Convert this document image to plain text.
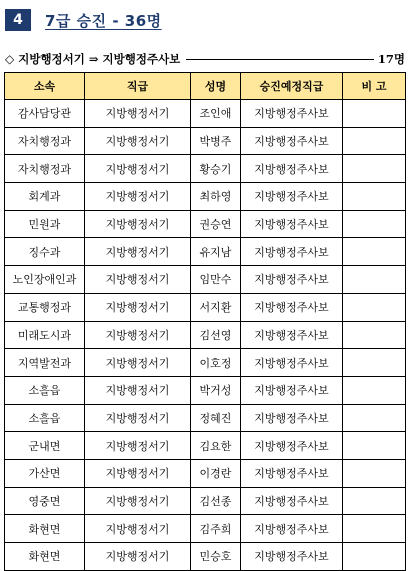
4	7급 승진 - 36명
◇ 지방행정서기 ⇒ 지방행정주사보	17명
소속	직급	성명	승진예정직급	비 고
감사담당관	지방행정서기	조인애	지방행정주사보	
자치행정과	지방행정서기	박병주	지방행정주사보	
자치행정과	지방행정서기	황승기	지방행정주사보	
회계과	지방행정서기	최하영	지방행정주사보	
민원과	지방행정서기	권승연	지방행정주사보	
징수과	지방행정서기	유지남	지방행정주사보	
노인장애인과	지방행정서기	임만수	지방행정주사보	
교통행정과	지방행정서기	서지환	지방행정주사보	
미래도시과	지방행정서기	김선영	지방행정주사보	
지역발전과	지방행정서기	이호정	지방행정주사보	
소흘읍	지방행정서기	박거성	지방행정주사보	
소흘읍	지방행정서기	정혜진	지방행정주사보	
군내면	지방행정서기	김요한	지방행정주사보	
가산면	지방행정서기	이경란	지방행정주사보	
영중면	지방행정서기	김선종	지방행정주사보	
화현면	지방행정서기	김주희	지방행정주사보	
화현면	지방행정서기	민승호	지방행정주사보	
